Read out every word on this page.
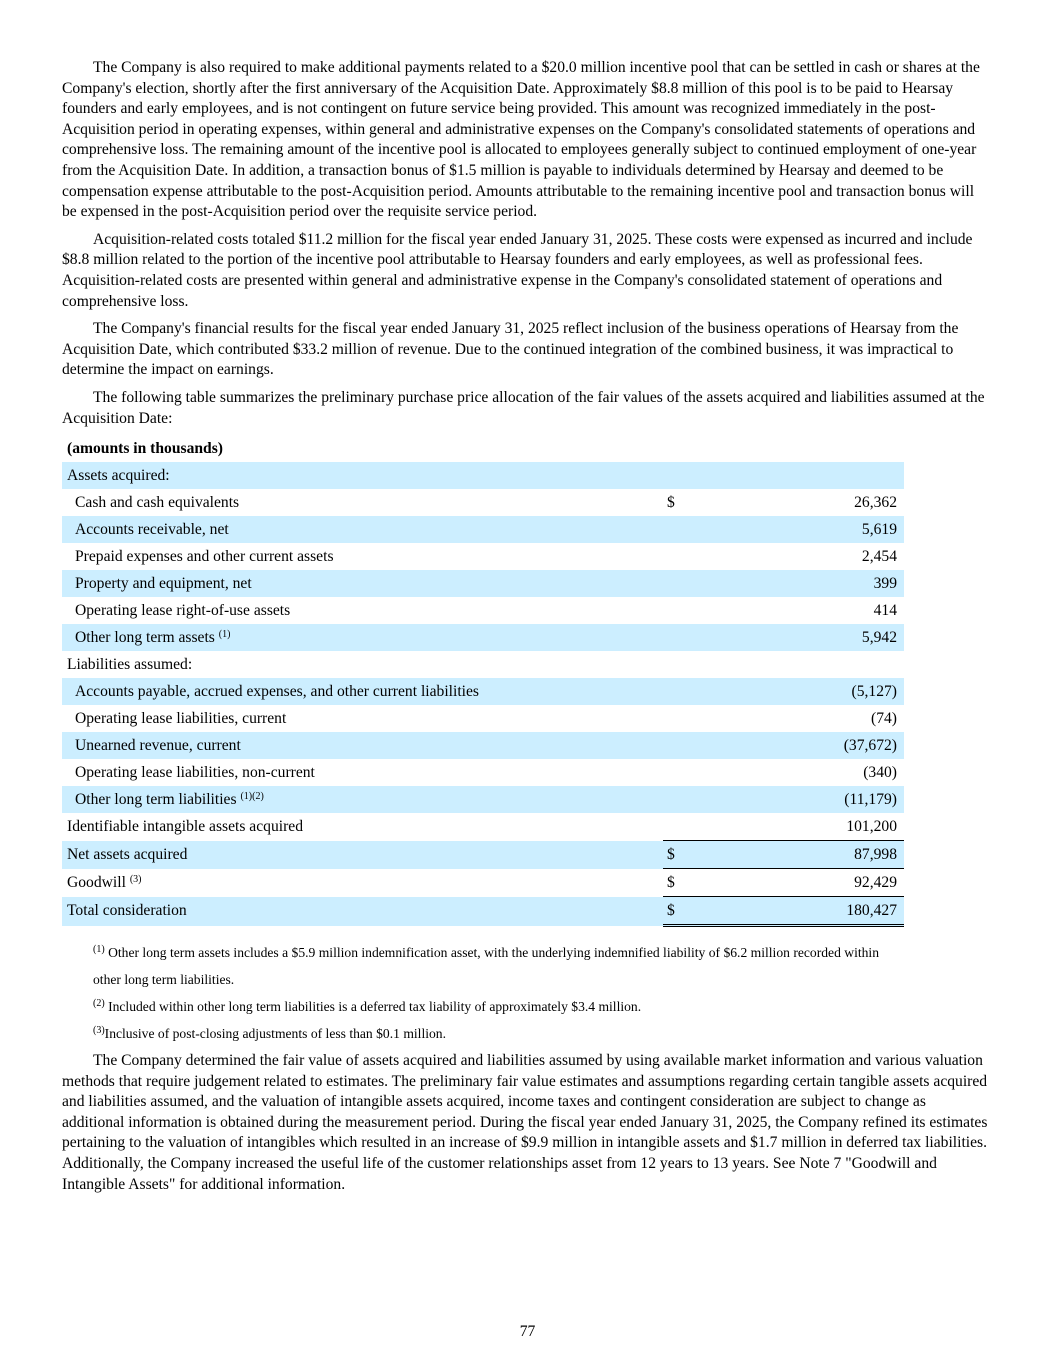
The Company is also required to make additional payments related to a $20.0 million incentive pool that can be settled in cash or shares at the Company's election, shortly after the first anniversary of the Acquisition Date. Approximately $8.8 million of this pool is to be paid to Hearsay founders and early employees, and is not contingent on future service being provided. This amount was recognized immediately in the post-Acquisition period in operating expenses, within general and administrative expenses on the Company's consolidated statements of operations and comprehensive loss. The remaining amount of the incentive pool is allocated to employees generally subject to continued employment of one-year from the Acquisition Date. In addition, a transaction bonus of $1.5 million is payable to individuals determined by Hearsay and deemed to be compensation expense attributable to the post-Acquisition period. Amounts attributable to the remaining incentive pool and transaction bonus will be expensed in the post-Acquisition period over the requisite service period.

Acquisition-related costs totaled $11.2 million for the fiscal year ended January 31, 2025. These costs were expensed as incurred and include $8.8 million related to the portion of the incentive pool attributable to Hearsay founders and early employees, as well as professional fees. Acquisition-related costs are presented within general and administrative expense in the Company's consolidated statement of operations and comprehensive loss.

The Company's financial results for the fiscal year ended January 31, 2025 reflect inclusion of the business operations of Hearsay from the Acquisition Date, which contributed $33.2 million of revenue. Due to the continued integration of the combined business, it was impractical to determine the impact on earnings.

The following table summarizes the preliminary purchase price allocation of the fair values of the assets acquired and liabilities assumed at the Acquisition Date:

(amounts in thousands)		
Assets acquired:		
Cash and cash equivalents	$	26,362
Accounts receivable, net		5,619
Prepaid expenses and other current assets		2,454
Property and equipment, net		399
Operating lease right-of-use assets		414
Other long term assets $^{(1)}$		5,942
Liabilities assumed:		
Accounts payable, accrued expenses, and other current liabilities		(5,127)
Operating lease liabilities, current		(74)
Unearned revenue, current		(37,672)
Operating lease liabilities, non-current		(340)
Other long term liabilities $^{(1)(2)}$		(11,179)
Identifiable intangible assets acquired		101,200
Net assets acquired	$	87,998
Goodwill $^{(3)}$	$	92,429
Total consideration	$	180,427

$^{(1)}$ Other long term assets includes a $5.9 million indemnification asset, with the underlying indemnified liability of $6.2 million recorded within

other long term liabilities.

$^{(2)}$ Included within other long term liabilities is a deferred tax liability of approximately $3.4 million.

$^{(3)}$Inclusive of post-closing adjustments of less than $0.1 million.

The Company determined the fair value of assets acquired and liabilities assumed by using available market information and various valuation methods that require judgement related to estimates. The preliminary fair value estimates and assumptions regarding certain tangible assets acquired and liabilities assumed, and the valuation of intangible assets acquired, income taxes and contingent consideration are subject to change as additional information is obtained during the measurement period. During the fiscal year ended January 31, 2025, the Company refined its estimates pertaining to the valuation of intangibles which resulted in an increase of $9.9 million in intangible assets and $1.7 million in deferred tax liabilities. Additionally, the Company increased the useful life of the customer relationships asset from 12 years to 13 years. See Note 7 "Goodwill and Intangible Assets" for additional information.

77
